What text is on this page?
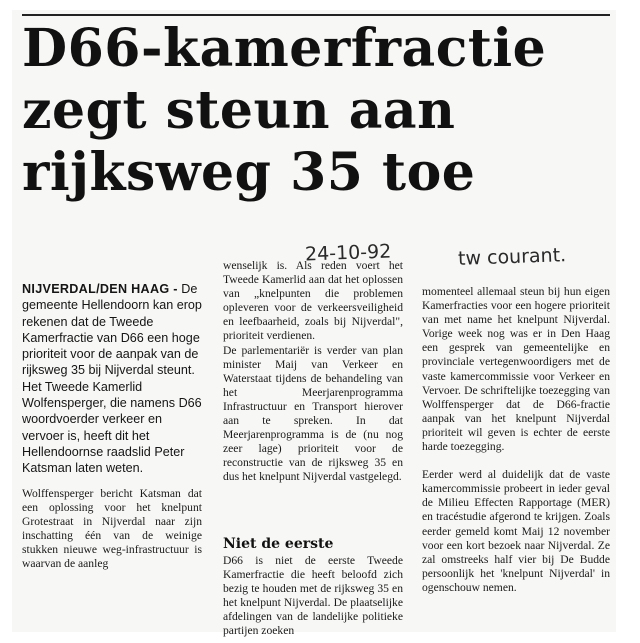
D66-kamerfractie
zegt steun aan
rijksweg 35 toe
24-10-92	tw courant.

NIJVERDAL/DEN HAAG - De gemeente Hellendoorn kan erop rekenen dat de Tweede Kamerfractie van D66 een hoge prioriteit voor de aanpak van de rijksweg 35 bij Nijverdal steunt. Het Tweede Kamerlid Wolfensperger, die namens D66 woordvoerder verkeer en vervoer is, heeft dit het Hellendoornse raadslid Peter Katsman laten weten.

Wolffensperger bericht Katsman dat een oplossing voor het knelpunt Grotestraat in Nijverdal naar zijn inschatting één van de weinige stukken nieuwe weg-infrastructuur is waarvan de aanleg

wenselijk is. Als reden voert het Tweede Kamerlid aan dat het oplossen van „knelpunten die problemen opleveren voor de verkeersveiligheid en leefbaarheid, zoals bij Nijverdal", prioriteit verdienen.

De parlementariër is verder van plan minister Maij van Verkeer en Waterstaat tijdens de behandeling van het Meerjarenprogramma Infrastructuur en Transport hierover aan te spreken. In dat Meerjarenprogramma is de (nu nog zeer lage) prioriteit voor de reconstructie van de rijksweg 35 en dus het knelpunt Nijverdal vastgelegd.

Niet de eerste

D66 is niet de eerste Tweede Kamerfractie die heeft beloofd zich bezig te houden met de rijksweg 35 en het knelpunt Nijverdal. De plaatselijke afdelingen van de landelijke politieke partijen zoeken

momenteel allemaal steun bij hun eigen Kamerfracties voor een hogere prioriteit van met name het knelpunt Nijverdal. Vorige week nog was er in Den Haag een gesprek van gemeentelijke en provinciale vertegenwoordigers met de vaste kamercommissie voor Verkeer en Vervoer. De schriftelijke toezegging van Wolffensperger dat de D66-fractie aanpak van het knelpunt Nijverdal prioriteit wil geven is echter de eerste harde toezegging.

Eerder werd al duidelijk dat de vaste kamercommissie probeert in ieder geval de Milieu Effecten Rapportage (MER) en tracéstudie afgerond te krijgen. Zoals eerder gemeld komt Maij 12 november voor een kort bezoek naar Nijverdal. Ze zal omstreeks half vier bij De Budde persoonlijk het 'knelpunt Nijverdal' in ogenschouw nemen.
